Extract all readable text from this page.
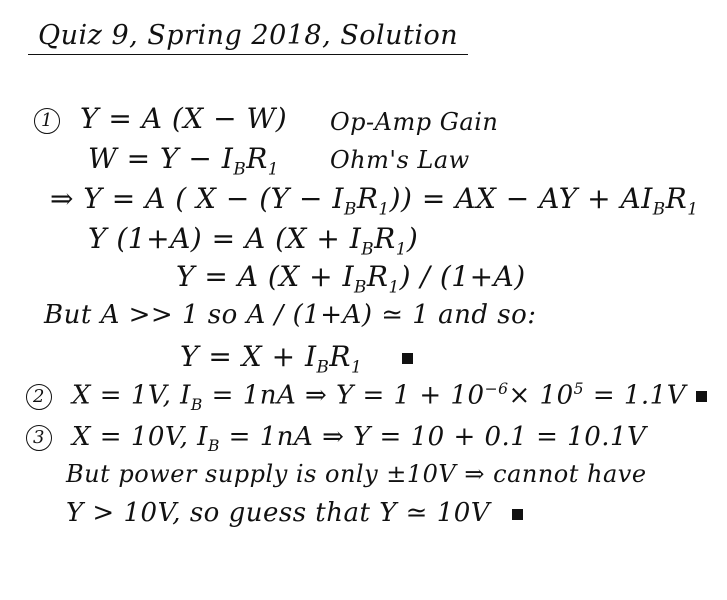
Quiz 9, Spring 2018, Solution
1 Y = A (X − W) Op-Amp Gain
$W = Y - I_BR_1$ Ohm's Law
⇒ Y = A ( $X - (Y - I_BR_1)$) = AX − AY + $AI_BR_1$
Y (1+A) = A $(X + I_BR_1)$
Y = A $(X + I_BR_1) / (1+A)$
But A >> 1 so A / (1+A) ≃ 1 and so:
$Y = X + I_BR_1$
2 X = 1V, $I_B = 1nA$ ⇒ $Y = 1 + 10^{-6}\times 10^5 = 1.1V$
3 X = 10V, $I_B = 1nA$ ⇒ Y = 10 + 0.1 = 10.1V
But power supply is only ±10V ⇒ cannot have
Y > 10V, so guess that Y ≃ 10V
